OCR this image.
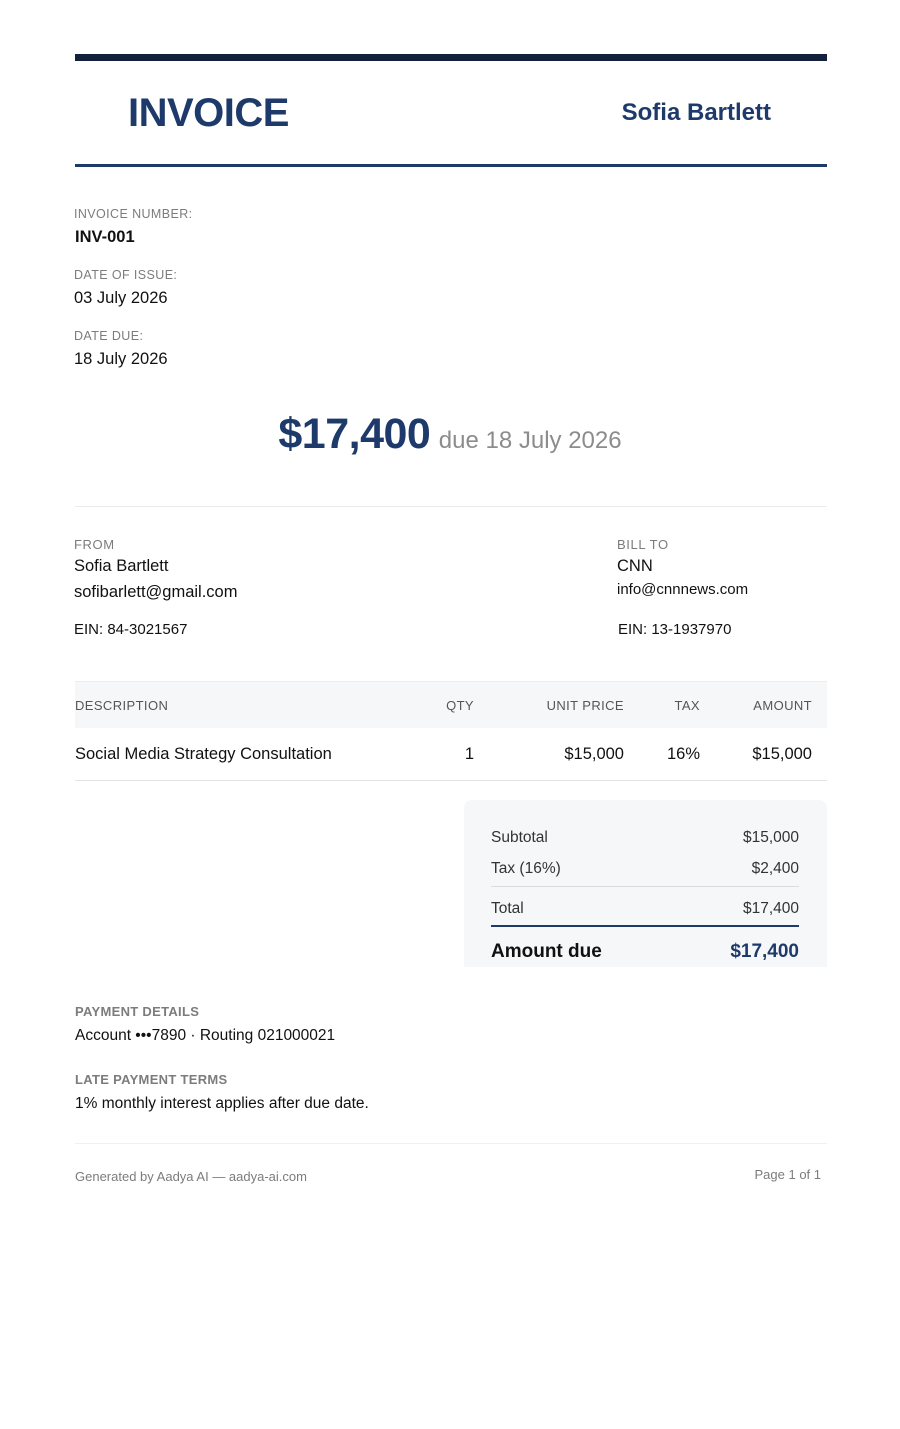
INVOICE	Sofia Bartlett
INVOICE NUMBER:
INV-001
DATE OF ISSUE:
03 July 2026
DATE DUE:
18 July 2026
$17,400 due 18 July 2026
FROM
Sofia Bartlett
sofibarlett@gmail.com
EIN: 84-3021567
BILL TO
CNN
info@cnnnews.com
EIN: 13-1937970
DESCRIPTION	QTY	UNIT PRICE	TAX	AMOUNT
Social Media Strategy Consultation	1	$15,000	16%	$15,000
Subtotal	$15,000
Tax (16%)	$2,400
Total	$17,400
Amount due	$17,400
PAYMENT DETAILS
Account •••7890 · Routing 021000021
LATE PAYMENT TERMS
1% monthly interest applies after due date.
Generated by Aadya AI — aadya-ai.com	Page 1 of 1
